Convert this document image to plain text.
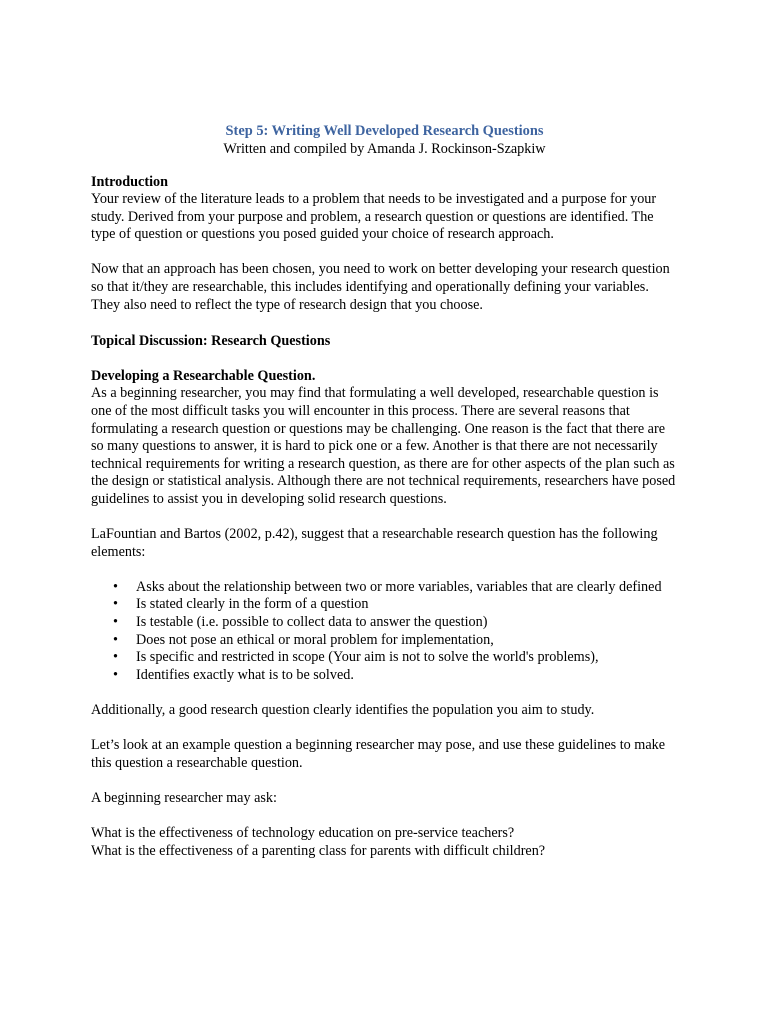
Step 5: Writing Well Developed Research Questions

Written and compiled by Amanda J. Rockinson-Szapkiw

Introduction

Your review of the literature leads to a problem that needs to be investigated and a purpose for your study. Derived from your purpose and problem, a research question or questions are identified. The type of question or questions you posed guided your choice of research approach.

Now that an approach has been chosen, you need to work on better developing your research question so that it/they are researchable, this includes identifying and operationally defining your variables. They also need to reflect the type of research design that you choose.

Topical Discussion: Research Questions
Developing a Researchable Question.

As a beginning researcher, you may find that formulating a well developed, researchable question is one of the most difficult tasks you will encounter in this process. There are several reasons that formulating a research question or questions may be challenging. One reason is the fact that there are so many questions to answer, it is hard to pick one or a few. Another is that there are not necessarily technical requirements for writing a research question, as there are for other aspects of the plan such as the design or statistical analysis. Although there are not technical requirements, researchers have posed guidelines to assist you in developing solid research questions.

LaFountian and Bartos (2002, p.42), suggest that a researchable research question has the following elements:

• Asks about the relationship between two or more variables, variables that are clearly defined
• Is stated clearly in the form of a question
• Is testable (i.e. possible to collect data to answer the question)
• Does not pose an ethical or moral problem for implementation,
• Is specific and restricted in scope (Your aim is not to solve the world's problems),
• Identifies exactly what is to be solved.

Additionally, a good research question clearly identifies the population you aim to study.

Let’s look at an example question a beginning researcher may pose, and use these guidelines to make this question a researchable question.

A beginning researcher may ask:

What is the effectiveness of technology education on pre-service teachers?

What is the effectiveness of a parenting class for parents with difficult children?
